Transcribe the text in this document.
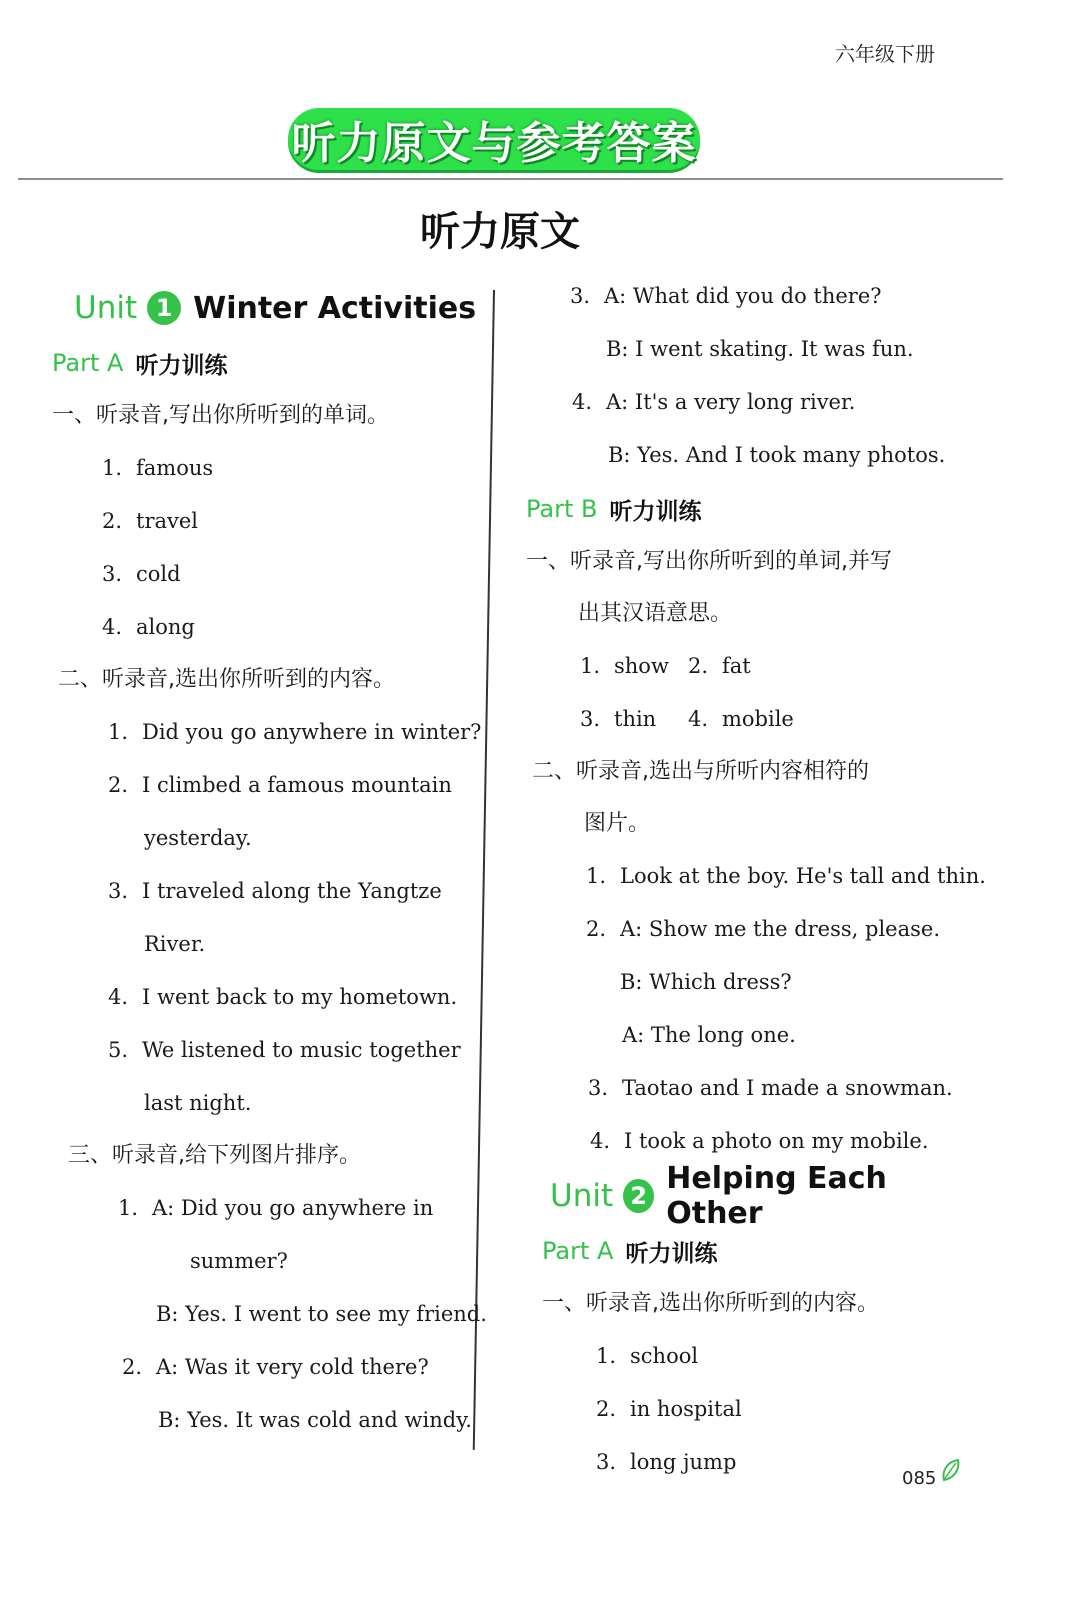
六年级下册
听力原文与参考答案
听力原文
Unit 1 Winter Activities
Part A 听力训练
一、听录音,写出你所听到的单词。
1. famous
2. travel
3. cold
4. along
二、听录音,选出你所听到的内容。
1. Did you go anywhere in winter?
2. I climbed a famous mountain
yesterday.
3. I traveled along the Yangtze
River.
4. I went back to my hometown.
5. We listened to music together
last night.
三、听录音,给下列图片排序。
1. A: Did you go anywhere in
summer?
B: Yes. I went to see my friend.
2. A: Was it very cold there?
B: Yes. It was cold and windy.
3. A: What did you do there?
B: I went skating. It was fun.
4. A: It's a very long river.
B: Yes. And I took many photos.
Part B 听力训练
一、听录音,写出你所听到的单词,并写
出其汉语意思。
1. show 2. fat
3. thin 4. mobile
二、听录音,选出与所听内容相符的
图片。
1. Look at the boy. He's tall and thin.
2. A: Show me the dress, please.
B: Which dress?
A: The long one.
3. Taotao and I made a snowman.
4. I took a photo on my mobile.
Unit 2 Helping Each Other
Part A 听力训练
一、听录音,选出你所听到的内容。
1. school
2. in hospital
3. long jump
085
